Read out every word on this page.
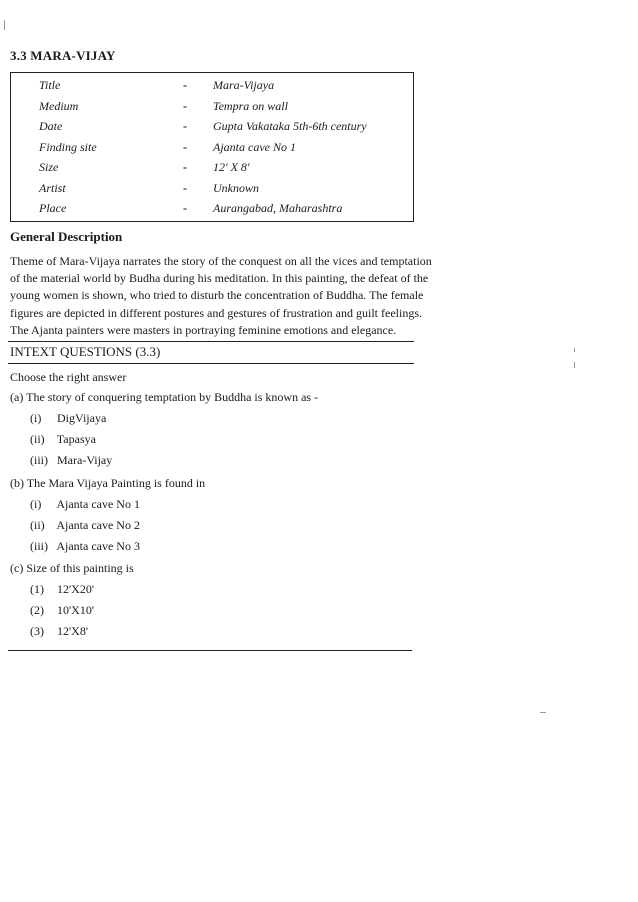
3.3 MARA-VIJAY
Title	- Mara-Vijaya
Medium	- Tempra on wall
Date	- Gupta Vakataka 5th-6th century
Finding site	- Ajanta cave No 1
Size	- 12' X 8'
Artist	- Unknown
Place	- Aurangabad, Maharashtra
General Description
Theme of Mara-Vijaya narrates the story of the conquest on all the vices and temptation
of the material world by Budha during his meditation. In this painting, the defeat of the
young women is shown, who tried to disturb the concentration of Buddha. The female
figures are depicted in different postures and gestures of frustration and guilt feelings.
The Ajanta painters were masters in portraying feminine emotions and elegance.
INTEXT QUESTIONS (3.3)
Choose the right answer
(a) The story of conquering temptation by Buddha is known as -
(i) DigVijaya
(ii) Tapasya
(iii) Mara-Vijay
(b) The Mara Vijaya Painting is found in
(i) Ajanta cave No 1
(ii) Ajanta cave No 2
(iii) Ajanta cave No 3
(c) Size of this painting is
(1) 12'X20'
(2) 10'X10'
(3) 12'X8'
